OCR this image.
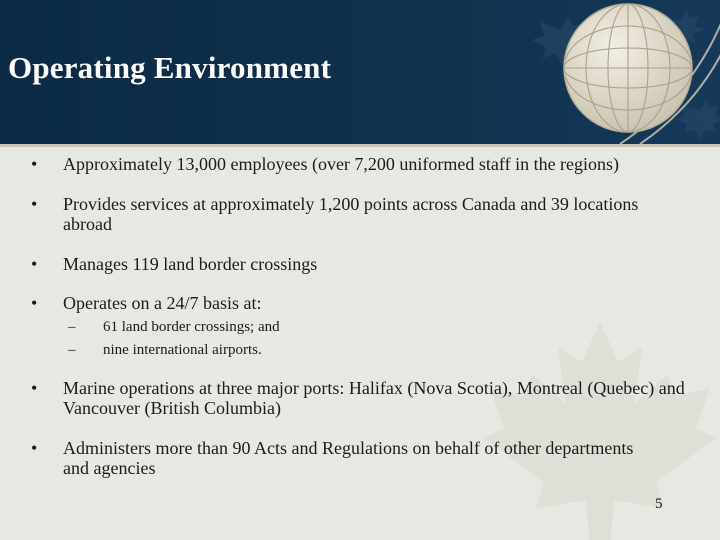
Operating Environment
• Approximately 13,000 employees (over 7,200 uniformed staff in the regions)
• Provides services at approximately 1,200 points across Canada and 39 locations abroad
• Manages 119 land border crossings
• Operates on a 24/7 basis at:
– 61 land border crossings; and
– nine international airports.
• Marine operations at three major ports: Halifax (Nova Scotia), Montreal (Quebec) and Vancouver (British Columbia)
• Administers more than 90 Acts and Regulations on behalf of other departments and agencies
5
